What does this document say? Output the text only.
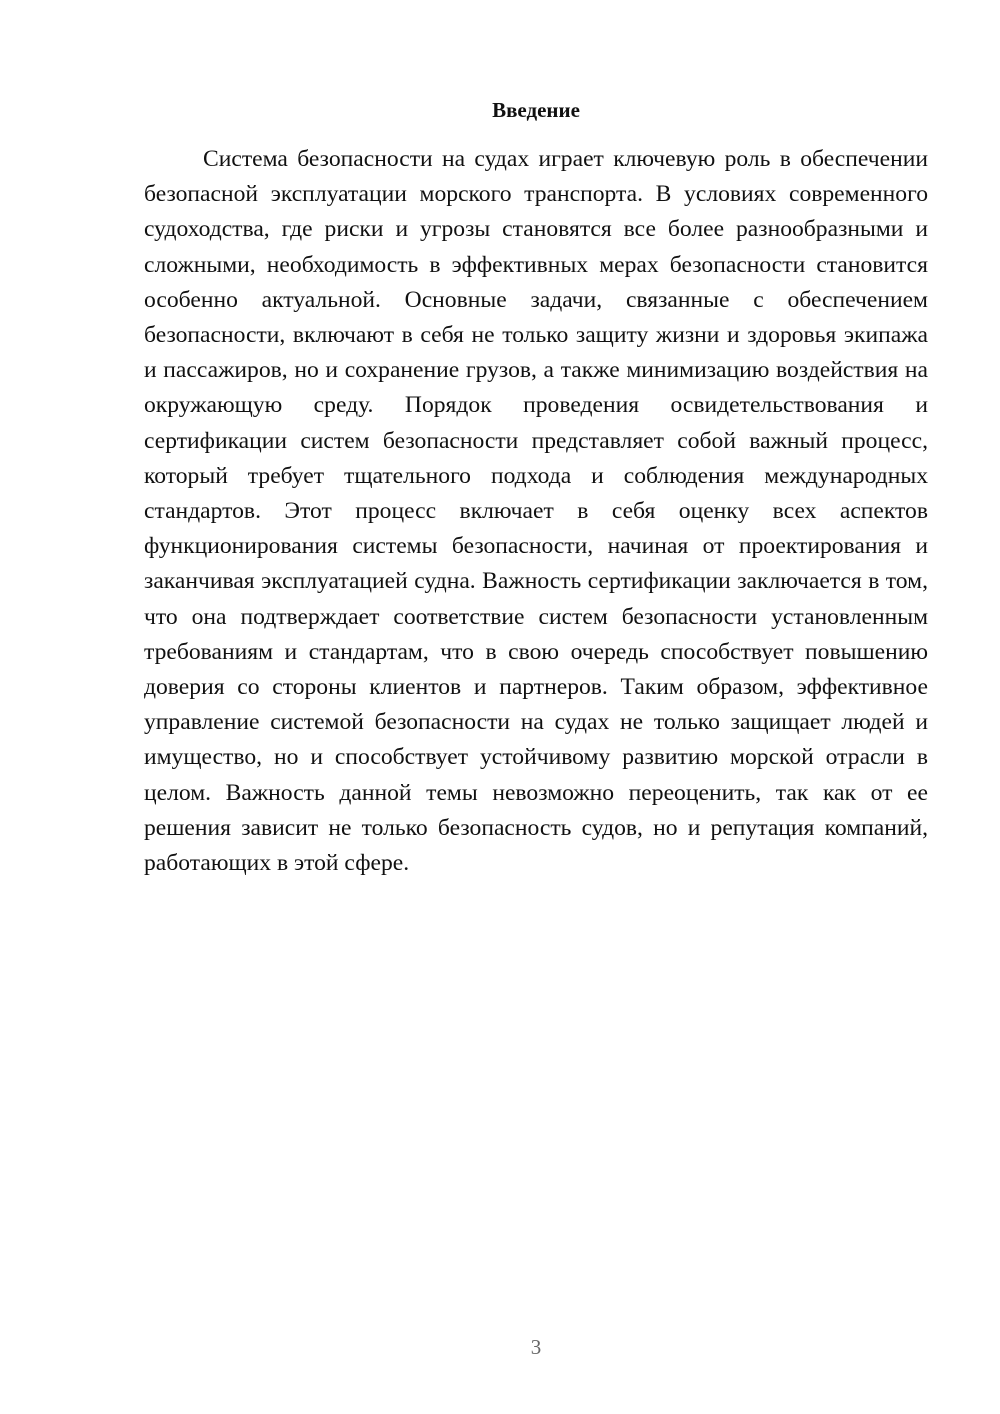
Введение

Система безопасности на судах играет ключевую роль в обеспечении безопасной эксплуатации морского транспорта. В условиях современного судоходства, где риски и угрозы становятся все более разнообразными и сложными, необходимость в эффективных мерах безопасности становится особенно актуальной. Основные задачи, связанные с обеспечением безопасности, включают в себя не только защиту жизни и здоровья экипажа и пассажиров, но и сохранение грузов, а также минимизацию воздействия на окружающую среду. Порядок проведения освидетельствования и сертификации систем безопасности представляет собой важный процесс, который требует тщательного подхода и соблюдения международных стандартов. Этот процесс включает в себя оценку всех аспектов функционирования системы безопасности, начиная от проектирования и заканчивая эксплуатацией судна. Важность сертификации заключается в том, что она подтверждает соответствие систем безопасности установленным требованиям и стандартам, что в свою очередь способствует повышению доверия со стороны клиентов и партнеров. Таким образом, эффективное управление системой безопасности на судах не только защищает людей и имущество, но и способствует устойчивому развитию морской отрасли в целом. Важность данной темы невозможно переоценить, так как от ее решения зависит не только безопасность судов, но и репутация компаний, работающих в этой сфере.

3
